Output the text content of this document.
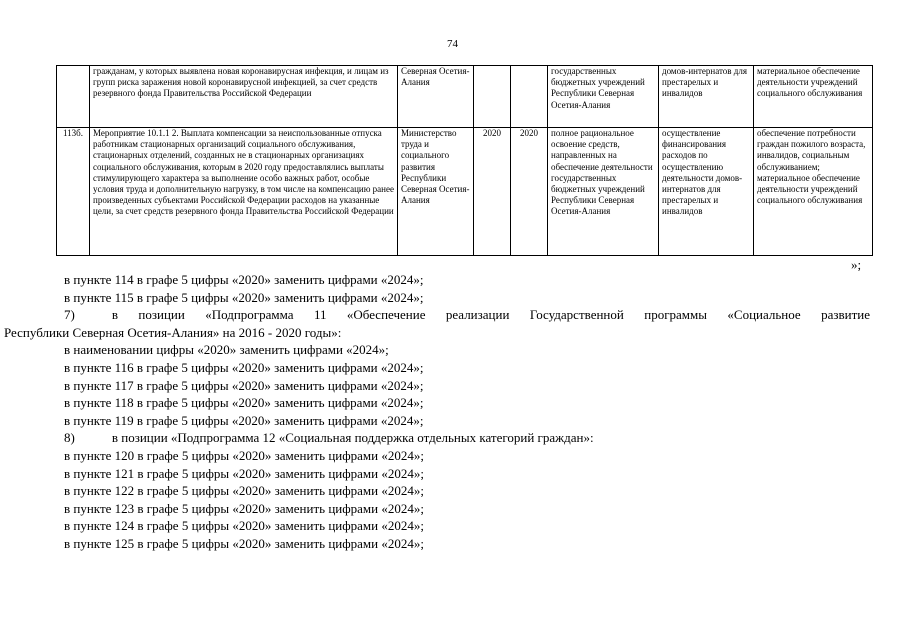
74
	гражданам, у которых выявлена новая коронавирусная инфекция, и лицам из групп риска заражения новой коронавирусной инфекцией, за счет средств резервного фонда Правительства Российской Федерации	Северная Осетия-Алания			государственных бюджетных учреждений Республики Северная Осетия-Алания	домов-интернатов для престарелых и инвалидов	материальное обеспечение деятельности учреждений социального обслуживания
113б.	Мероприятие 10.1.1 2. Выплата компенсации за неиспользованные отпуска работникам стационарных организаций социального обслуживания, стационарных отделений, созданных не в стационарных организациях социального обслуживания, которым в 2020 году предоставлялись выплаты стимулирующего характера за выполнение особо важных работ, особые условия труда и дополнительную нагрузку, в том числе на компенсацию ранее произведенных субъектами Российской Федерации расходов на указанные цели, за счет средств резервного фонда Правительства Российской Федерации	Министерство труда и социального развития Республики Северная Осетия-Алания	2020	2020	полное рациональное освоение средств, направленных на обеспечение деятельности государственных бюджетных учреждений Республики Северная Осетия-Алания	осуществление финансирования расходов по осуществлению деятельности домов-интернатов для престарелых и инвалидов	обеспечение потребности граждан пожилого возраста, инвалидов, социальным обслуживанием; материальное обеспечение деятельности учреждений социального обслуживания
»;

в пункте 114 в графе 5 цифры «2020» заменить цифрами «2024»;

в пункте 115 в графе 5 цифры «2020» заменить цифрами «2024»;

7)	в позиции «Подпрограмма 11 «Обеспечение реализации Государственной программы «Социальное развитие

Республики Северная Осетия-Алания» на 2016 - 2020 годы»:

в наименовании цифры «2020» заменить цифрами «2024»;

в пункте 116 в графе 5 цифры «2020» заменить цифрами «2024»;

в пункте 117 в графе 5 цифры «2020» заменить цифрами «2024»;

в пункте 118 в графе 5 цифры «2020» заменить цифрами «2024»;

в пункте 119 в графе 5 цифры «2020» заменить цифрами «2024»;

8)	в позиции «Подпрограмма 12 «Социальная поддержка отдельных категорий граждан»:

в пункте 120 в графе 5 цифры «2020» заменить цифрами «2024»;

в пункте 121 в графе 5 цифры «2020» заменить цифрами «2024»;

в пункте 122 в графе 5 цифры «2020» заменить цифрами «2024»;

в пункте 123 в графе 5 цифры «2020» заменить цифрами «2024»;

в пункте 124 в графе 5 цифры «2020» заменить цифрами «2024»;

в пункте 125 в графе 5 цифры «2020» заменить цифрами «2024»;
